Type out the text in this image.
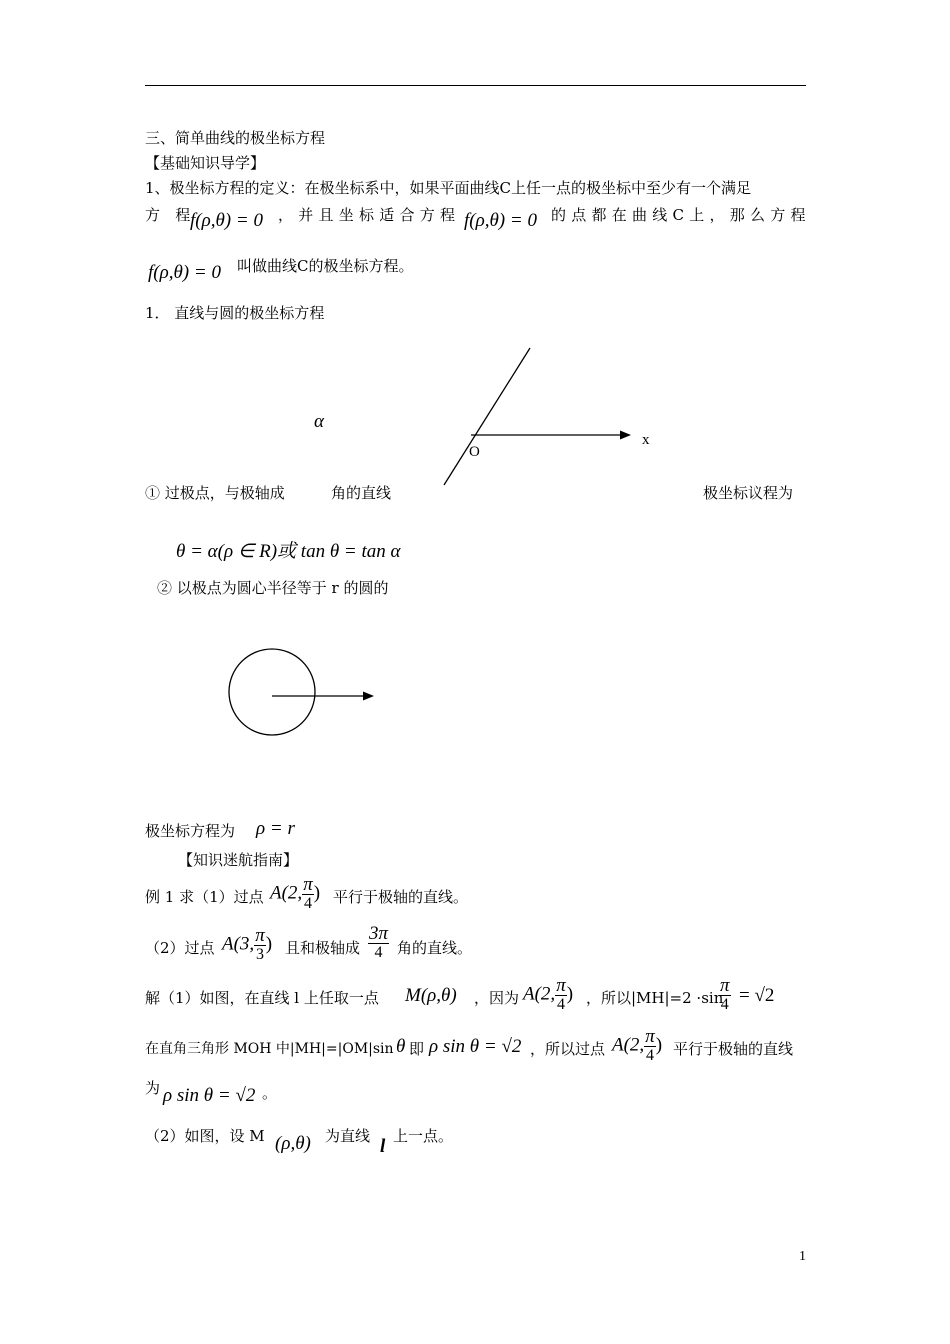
三、简单曲线的极坐标方程
【基础知识导学】
1、极坐标方程的定义：在极坐标系中，如果平面曲线C上任一点的极坐标中至少有一个满足
方 程
f(ρ,θ) = 0 ，并且坐标适合方程 f(ρ,θ) = 0 的点都在曲线C上，那么方程
f(ρ,θ) = 0 叫做曲线C的极坐标方程。
1． 直线与圆的极坐标方程
α
O
x
① 过极点，与极轴成	角的直线	极坐标议程为
θ = α(ρ ∈ R)或 tan θ = tan α
② 以极点为圆心半径等于 r 的圆的
极坐标方程为 ρ = r
【知识迷航指南】
例 1 求（1）过点 A(2, $\frac{\pi}{4}$ ) 平行于极轴的直线。
（2）过点 A(3, $\frac{\pi}{3}$ ) 且和极轴成 $\frac{3\pi}{4}$ 角的直线。
解（1）如图，在直线 l 上任取一点 M(ρ,θ) ，因为 A(2, $\frac{\pi}{4}$ ) ，所以|MH|=2 ·sin
$\frac{\pi}{4} = √2$
在直角三角形 MOH 中|MH|=|OM|sin θ 即 ρ sin θ = √2 ，所以过点 A(2, $\frac{\pi}{4}$ ) 平行于极轴的直线
为 ρ sin θ = √2 。
（2）如图，设 M (ρ,θ) 为直线 l 上一点。
1
